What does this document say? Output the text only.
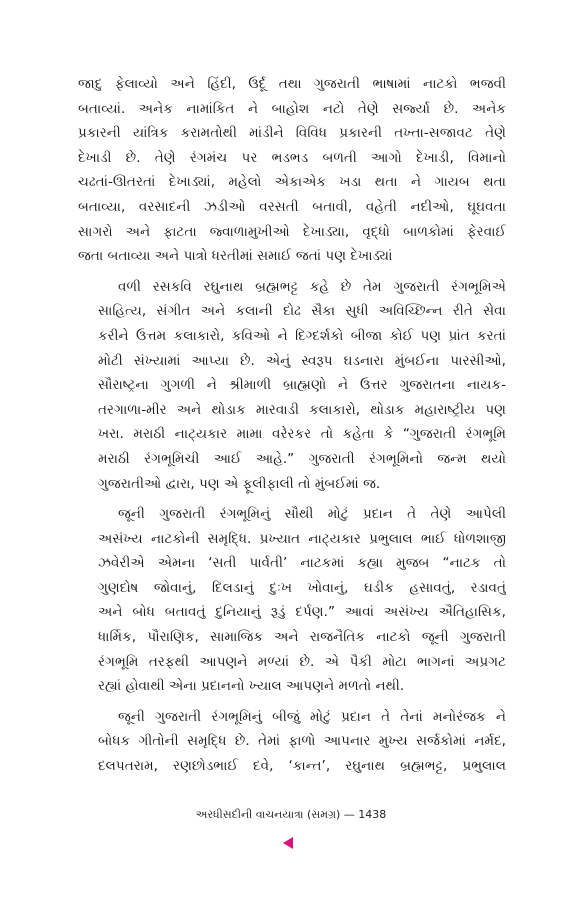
જાદુ ફેલાવ્યો અને હિંદી, ઉર્દૂ તથા ગુજરાતી ભાષામાં નાટકો ભજવી
બતાવ્યાં. અનેક નામાંકિત ને બાહોશ નટો તેણે સર્જ્યા છે. અનેક
પ્રકારની યાંત્રિક કરામતોથી માંડીને વિવિધ પ્રકારની તખ્તા-સજાવટ તેણે
દેખાડી છે. તેણે રંગમંચ પર ભડભડ બળતી આગો દેખાડી, વિમાનો
ચઢતાં-ઊતરતાં દેખાડ્યાં, મહેલો એકાએક ખડા થતા ને ગાયબ થતા
બતાવ્યા, વરસાદની ઝડીઓ વરસતી બતાવી, વહેતી નદીઓ, ઘૂઘવતા
સાગરો અને ફાટતા જ્વાળામુખીઓ દેખાડ્યા, વૃદ્ધો બાળકોમાં ફેરવાઈ
જતા બતાવ્યા અને પાત્રો ધરતીમાં સમાઈ જતાં પણ દેખાડ્યાં
વળી રસકવિ રઘુનાથ બ્રહ્મભટ્ટ કહે છે તેમ ગુજરાતી રંગભૂમિએ
સાહિત્ય, સંગીત અને કલાની દોઢ સૈકા સુધી અવિચ્છિન્ન રીતે સેવા
કરીને ઉત્તમ કલાકારો, કવિઓ ને દિગ્દર્શકો બીજા કોઈ પણ પ્રાંત કરતાં
મોટી સંખ્યામાં આપ્યા છે. એનું સ્વરૂપ ઘડનારા મુંબઈના પારસીઓ,
સૌરાષ્ટ્રના ગુગળી ને શ્રીમાળી બ્રાહ્મણો ને ઉત્તર ગુજરાતના નાયક-
તરગાળા-મીર અને થોડાક મારવાડી કલાકારો, થોડાક મહારાષ્ટ્રીય પણ
ખરા. મરાઠી નાટ્યકાર મામા વરેરકર તો કહેતા કે “ગુજરાતી રંગભૂમિ
મરાઠી રંગભૂમિચી આઈ આહે.” ગુજરાતી રંગભૂમિનો જન્મ થયો
ગુજરાતીઓ દ્વારા, પણ એ ફૂલીફાલી તો મુંબઈમાં જ.
જૂની ગુજરાતી રંગભૂમિનું સૌથી મોટું પ્રદાન તે તેણે આપેલી
અસંખ્ય નાટકોની સમૃદ્ધિ. પ્રખ્યાત નાટ્યકાર પ્રભુલાલ ભાઈ ધોળશાજી
ઝવેરીએ એમના ‘સતી પાર્વતી’ નાટકમાં કહ્યા મુજબ “નાટક તો
ગુણદોષ જોવાનું, દિલડાનું દુઃખ ખોવાનું, ઘડીક હસાવતું, રડાવતું
અને બોધ બતાવતું દુનિયાનું રૂડું દર્પણ.” આવાં અસંખ્ય ઐતિહાસિક,
ધાર્મિક, પૌરાણિક, સામાજિક અને રાજનૈતિક નાટકો જૂની ગુજરાતી
રંગભૂમિ તરફથી આપણને મળ્યાં છે. એ પૈકી મોટા ભાગનાં અપ્રગટ
રહ્યાં હોવાથી એના પ્રદાનનો ખ્યાલ આપણને મળતો નથી.
જૂની ગુજરાતી રંગભૂમિનું બીજું મોટું પ્રદાન તે તેનાં મનોરંજક ને
બોધક ગીતોની સમૃદ્ધિ છે. તેમાં ફાળો આપનાર મુખ્ય સર્જકોમાં નર્મદ,
દલપતરામ, રણછોડભાઈ દવે, ‘કાન્ત’, રઘુનાથ બ્રહ્મભટ્ટ, પ્રભુલાલ
અરધીસદીની વાચનયાત્રા (સમગ્ર) — 1438
